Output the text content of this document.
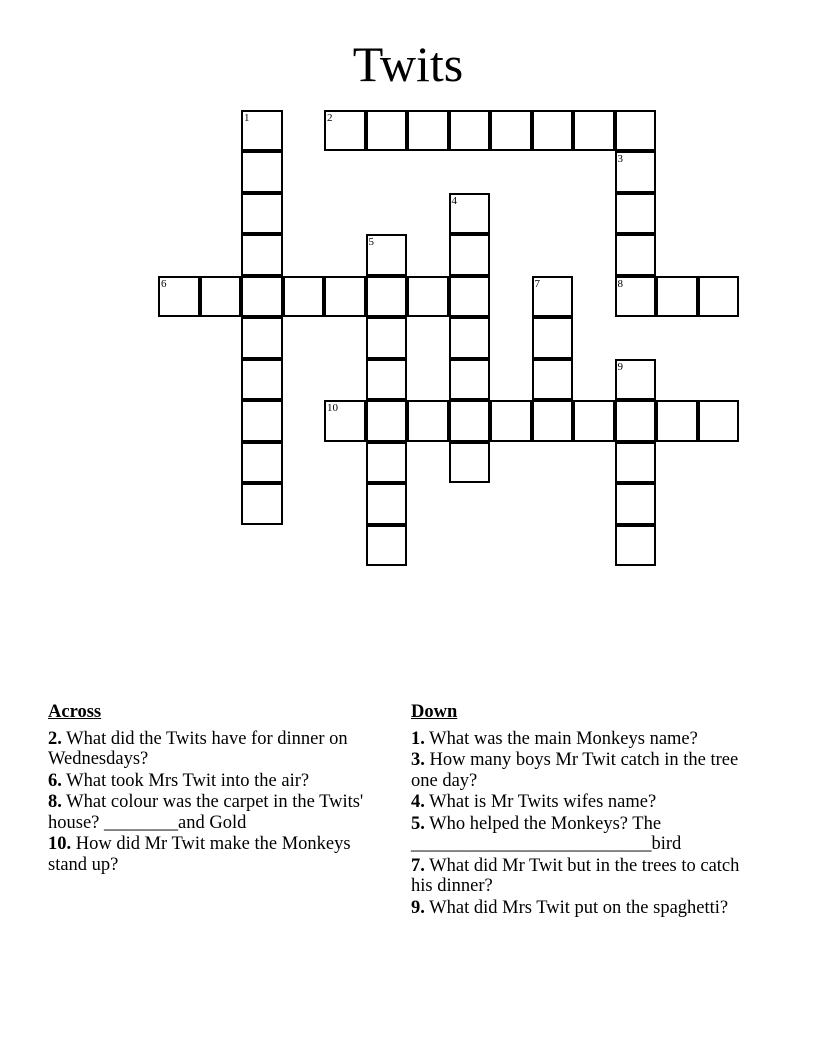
Twits
1	2
3
4
5
6	7	8
9
10
Across
2. What did the Twits have for dinner on Wednesdays?
6. What took Mrs Twit into the air?
8. What colour was the carpet in the Twits' house? ________and Gold
10. How did Mr Twit make the Monkeys stand up?
Down
1. What was the main Monkeys name?
3. How many boys Mr Twit catch in the tree one day?
4. What is Mr Twits wifes name?
5. Who helped the Monkeys? The __________________________bird
7. What did Mr Twit but in the trees to catch his dinner?
9. What did Mrs Twit put on the spaghetti?
